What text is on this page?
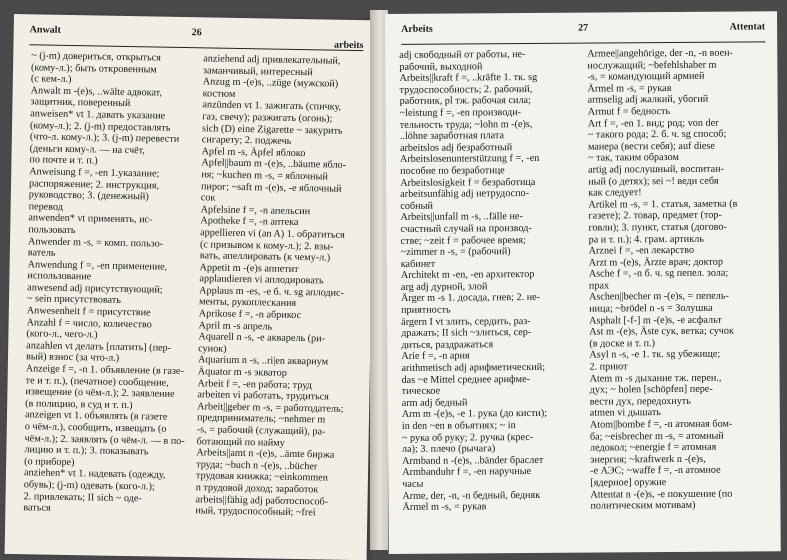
Anwalt	26
arbeits
~ (j-m) довериться, открыться
(кому-л.); быть откровенным
(с кем-л.)
Anwalt m -(e)s, ..wälte адвокат,
защитник, поверенный
anweisen* vt 1. давать указание
(кому-л.); 2. (j-m) предоставлять
(что-л. кому-л.); 3. (j-m) перевести
(деньги кому-л. — на счёт,
по почте и т. п.)
Anweisung f =, -en 1.указание;
распоряжение; 2. инструкция,
руководство; 3. (денежный)
перевод
anwenden* vt применять, ис-
пользовать
Anwender m -s, = комп. пользо-
ватель
Anwendung f =, -en применение,
использование
anwesend adj присутствующий;
~ sein присутствовать
Anwesenheit f = присутствие
Anzahl f = число, количество
(кого-л., чего-л.)
anzahlen vt делать [платить] (пер-
вый) взнос (за что-л.)
Anzeige f =, -n 1. объявление (в газе-
те и т. п.), (печатное) сообщение,
извещение (о чём-л.); 2. заявление
(в полицию, в суд и т. п.)
anzeigen vt 1. объявлять (в газете
о чём-л.), сообщить, извещать (о
чём-л.); 2. заявлять (о чём-л. — в по-
лицию и т. п.); 3. показывать
(о приборе)
anziehen* vt 1. надевать (одежду,
обувь); (j-m) одевать (кого-л.);
2. привлекать; II sich ~ оде-
ваться
anziehend adj привлекательный,
заманчивый, интересный
Anzug m -(e)s, ..züge (мужской)
костюм
anzünden vt 1. зажигать (спичку,
газ, свечу); разжигать (огонь);
sich (D) eine Zigarette ~ закурить
сигарету; 2. поджечь
Apfel m -s, Äpfel яблоко
Apfel||baum m -(e)s, ..bäume ябло-
ня; ~kuchen m -s, = яблочный
пирог; ~saft m -(e)s, -e яблочный
сок
Apfelsine f =, -n апельсин
Apotheke f =, -n аптека
appellieren vi (an A) 1. обратиться
(с призывом к кому-л.); 2. взы-
вать, апеллировать (к чему-л.)
Appetit m -(e)s аппетит
applaudieren vi аплодировать
Applaus m -es, -e б. ч. sg аплодис-
менты, рукоплескания
Aprikose f =, -n абрикос
April m -s апрель
Aquarell n -s, -e акварель (ри-
сунок)
Aquarium n -s, ..ri|en аквариум
Äquator m -s экватор
Arbeit f =, -en работа; труд
arbeiten vi работать, трудиться
Arbeit||geber m -s, = работодатель;
предприниматель; ~nehmer m
-s, = рабочий (служащий), ра-
ботающий по найму
Arbeits||amt n -(e)s, ..ämte биржа
труда; ~buch n -(e)s, ..bücher
трудовая книжка; ~einkommen
n трудовой доход; заработок
arbeits||fähig adj работоспособ-
ный, трудоспособный; ~frei
Arbeits	27	Attentat
adj свободный от работы, не-
рабочий, выходной
Arbeits||kraft f =, ..kräfte 1. тк. sg
трудоспособность; 2. рабочий,
работник, pl тж. рабочая сила;
~leistung f =, -en производи-
тельность труда; ~lohn m -(e)s,
..löhne заработная плата
arbeitslos adj безработный
Arbeitslosenunterstützung f =, -en
пособие по безработице
Arbeitslosigkeit f = безработица
arbeitsunfähig adj нетрудоспо-
собный
Arbeits||unfall m -s, ..fälle не-
счастный случай на производ-
стве; ~zeit f = рабочее время;
~zimmer n -s, = (рабочий)
кабинет
Architekt m -en, -en архитектор
arg adj дурной, злой
Ärger m -s 1. досада, гнев; 2. не-
приятность
ärgern I vt злить, сердить, раз-
дражать; II sich ~злиться, сер-
диться, раздражаться
Arie f =, -n ария
arithmetisch adj арифметический;
das ~e Mittel среднее арифме-
тическое
arm adj бедный
Arm m -(e)s, -e 1. рука (до кисти);
in den ~en в объятиях; ~ in
~ рука об руку; 2. ручка (крес-
ла); 3. плечо (рычага)
Armband n -(e)s, ..bänder браслет
Armbanduhr f =, -en наручные
часы
Arme, der, -n, -n бедный, бедняк
Ärmel m -s, = рукав
Armee||angehörige, der -n, -n воен-
нослужащий; ~befehlshaber m
-s, = командующий армией
Ärmel m -s, = рукав
armselig adj жалкий, убогий
Armut f = бедность
Art f =, -en 1. вид; род; von der
~ такого рода; 2. б. ч. sg способ;
манера (вести себя); auf diese
~ так, таким образом
artig adj послушный, воспитан-
ный (о детях); sei ~! веди себя
как следует!
Artikel m -s, = 1. статья, заметка (в
газете); 2. товар, предмет (тор-
говли); 3. пункт, статья (догово-
ра и т. п.); 4. грам. артикль
Arznei f =, -en лекарство
Arzt m -(e)s, Ärzte врач; доктор
Asche f =, -n б. ч. sg пепел. зола;
прах
Aschen||becher m -(e)s, = пепель-
ница; ~brödel n -s = Золушка
Asphalt [-f-] m -(e)s, -e асфальт
Ast m -(e)s, Äste сук, ветка; сучок
(в доске и т. п.)
Asyl n -s, -e 1. тк. sg убежище;
2. приют
Atem m -s дыхание тж. перен.,
дух; ~ holen [schöpfen] пере-
вести дух, передохнуть
atmen vi дышать
Atom||bombe f =, -n атомная бом-
ба; ~eisbrecher m -s, = атомный
ледокол; ~energie f = атомная
энергия; ~kraftwerk n -(e)s,
-e АЭС; ~waffe f =, -n атомное
[ядерное] оружие
Attentat n -(e)s, -e покушение (по
политическим мотивам)
